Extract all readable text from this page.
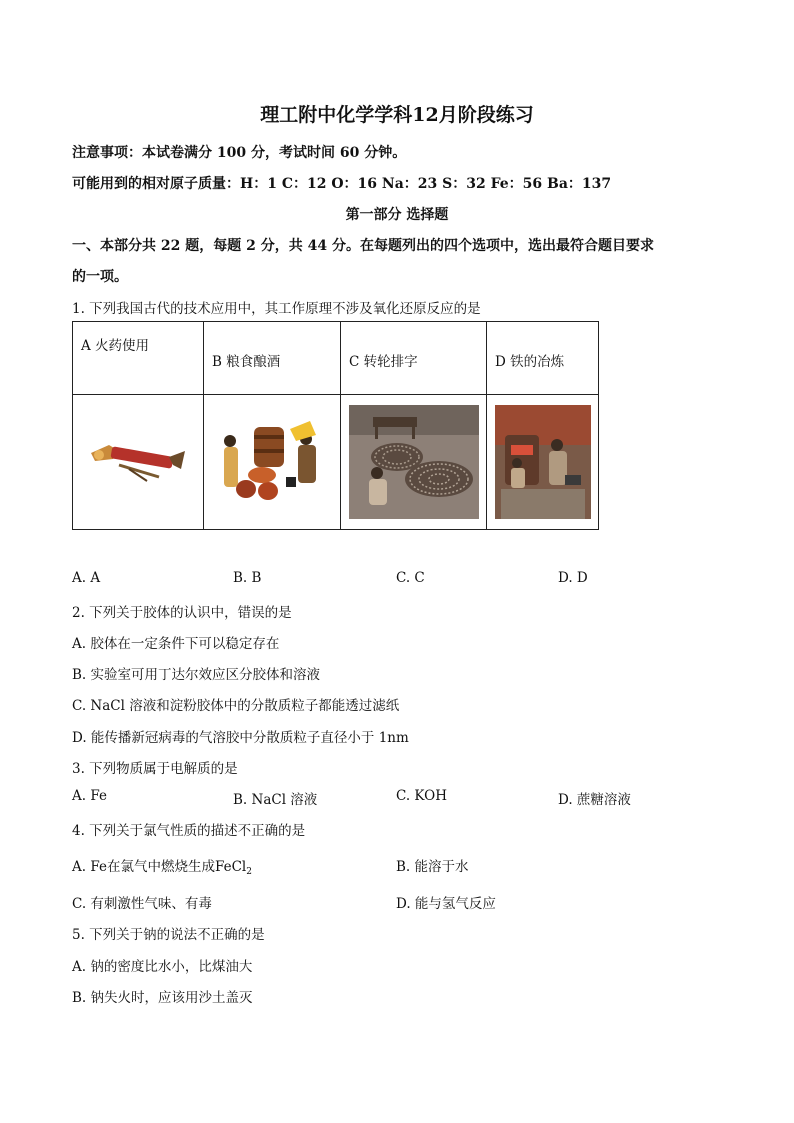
理工附中化学学科12月阶段练习
注意事项：本试卷满分 100 分，考试时间 60 分钟。
可能用到的相对原子质量：H：1 C：12 O：16 Na：23 S：32 Fe：56 Ba：137
第一部分 选择题
一、本部分共 22 题，每题 2 分，共 44 分。在每题列出的四个选项中，选出最符合题目要求
的一项。
1. 下列我国古代的技术应用中，其工作原理不涉及氧化还原反应的是
A 火药使用	B 粮食酿酒	C 转轮排字	D 铁的冶炼

A. A	B. B	C. C	D. D
2. 下列关于胶体的认识中，错误的是
A. 胶体在一定条件下可以稳定存在
B. 实验室可用丁达尔效应区分胶体和溶液
C. NaCl 溶液和淀粉胶体中的分散质粒子都能透过滤纸
D. 能传播新冠病毒的气溶胶中分散质粒子直径小于 1nm
3. 下列物质属于电解质的是
A. Fe	B. NaCl 溶液	C. KOH	D. 蔗糖溶液
4. 下列关于氯气性质的描述不正确的是
A. Fe在氯气中燃烧生成FeCl$_2$	B. 能溶于水
C. 有刺激性气味、有毒	D. 能与氢气反应
5. 下列关于钠的说法不正确的是
A. 钠的密度比水小，比煤油大
B. 钠失火时，应该用沙土盖灭
